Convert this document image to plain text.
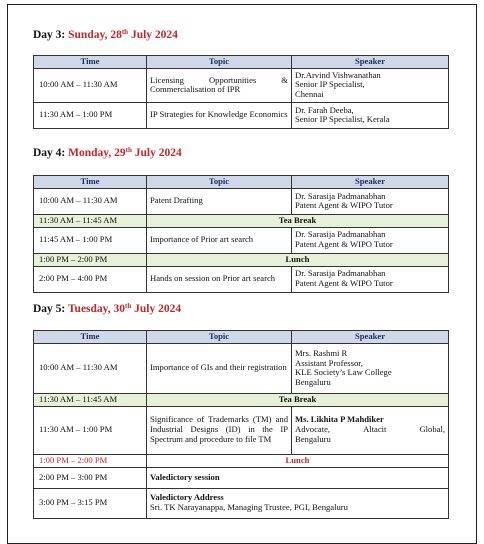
Day 3: Sunday, 28th July 2024
Time	Topic	Speaker
10:00 AM – 11:30 AM	Licensing Opportunities & Commercialisation of IPR	Dr.Arvind Vishwanathan
Senior IP Specialist,
Chennai

11:30 AM – 1:00 PM	IP Strategies for Knowledge Economics	Dr. Farah Deeba,
Senior IP Specialist, Kerala
Day 4: Monday, 29th July 2024
Time	Topic	Speaker
10:00 AM – 11:30 AM	Patent Drafting	Dr. Sarasija Padmanabhan
Patent Agent & WIPO Tutor

11:30 AM – 11:45 AM	Tea Break	
11:45 AM – 1:00 PM	Importance of Prior art search	Dr. Sarasija Padmanabhan
Patent Agent & WIPO Tutor

1:00 PM – 2:00 PM	Lunch	
2:00 PM – 4:00 PM	Hands on session on Prior art search	Dr. Sarasija Padmanabhan
Patent Agent & WIPO Tutor
Day 5: Tuesday, 30th July 2024
Time	Topic	Speaker
10:00 AM – 11:30 AM	Importance of GIs and their registration	Mrs. Rashmi R
Assistant Professor,
KLE Society’s Law College
Bengaluru

11:30 AM – 11:45 AM	Tea Break	
11:30 AM – 1:00 PM	Significance of Trademarks (TM) and Industrial Designs (ID) in the IP Spectrum and procedure to file TM	Ms. Likhita P Mahdiker
Advocate, Altacit Global,
Bengaluru

1:00 PM – 2:00 PM	Lunch	
2:00 PM – 3:00 PM	Valedictory session	
3:00 PM – 3:15 PM	Valedictory Address
Sri. TK Narayanappa, Managing Trustee, PGI, Bengaluru	
